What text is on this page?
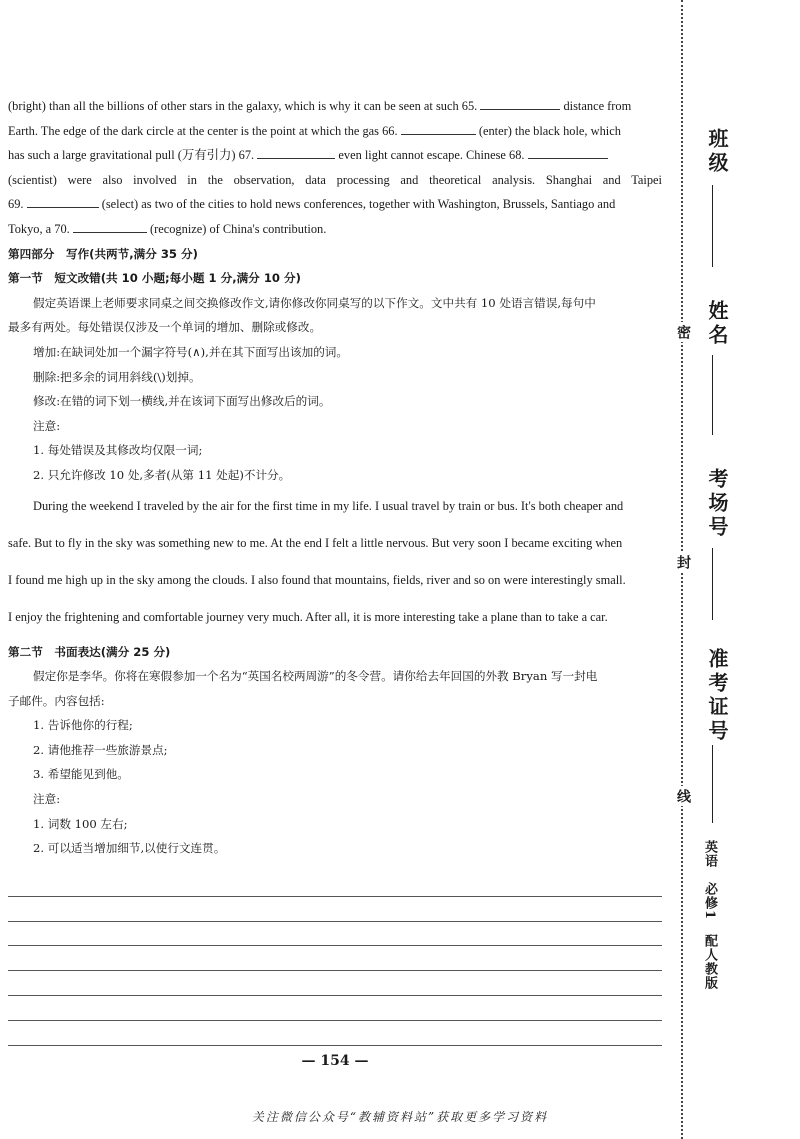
(bright) than all the billions of other stars in the galaxy, which is why it can be seen at such 65.	distance from
Earth. The edge of the dark circle at the center is the point at which the gas 66.	(enter) the black hole, which
has such a large gravitational pull (万有引力) 67.	even light cannot escape. Chinese 68.
(scientist) were also involved in the observation, data processing and theoretical analysis. Shanghai and Taipei
69.	(select) as two of the cities to hold news conferences, together with Washington, Brussels, Santiago and
Tokyo, a 70.	(recognize) of China's contribution.
第四部分　写作(共两节,满分 35 分)
第一节　短文改错(共 10 小题;每小题 1 分,满分 10 分)
假定英语课上老师要求同桌之间交换修改作文,请你修改你同桌写的以下作文。文中共有 10 处语言错误,每句中
最多有两处。每处错误仅涉及一个单词的增加、删除或修改。
增加:在缺词处加一个漏字符号(∧),并在其下面写出该加的词。
删除:把多余的词用斜线(\)划掉。
修改:在错的词下划一横线,并在该词下面写出修改后的词。
注意:
1. 每处错误及其修改均仅限一词;
2. 只允许修改 10 处,多者(从第 11 处起)不计分。
During the weekend I traveled by the air for the first time in my life. I usual travel by train or bus. It's both cheaper and
safe. But to fly in the sky was something new to me. At the end I felt a little nervous. But very soon I became exciting when
I found me high up in the sky among the clouds. I also found that mountains, fields, river and so on were interestingly small.
I enjoy the frightening and comfortable journey very much. After all, it is more interesting take a plane than to take a car.
第二节　书面表达(满分 25 分)
假定你是李华。你将在寒假参加一个名为“英国名校两周游”的冬令营。请你给去年回国的外教 Bryan 写一封电
子邮件。内容包括:
1. 告诉他你的行程;
2. 请他推荐一些旅游景点;
3. 希望能见到他。
注意:
1. 词数 100 左右;
2. 可以适当增加细节,以使行文连贯。
— 154 —
关注微信公众号“教辅资料站”获取更多学习资料
班级
姓名
考场号
准考证号
密
封
线
英语　必修1　配人教版
